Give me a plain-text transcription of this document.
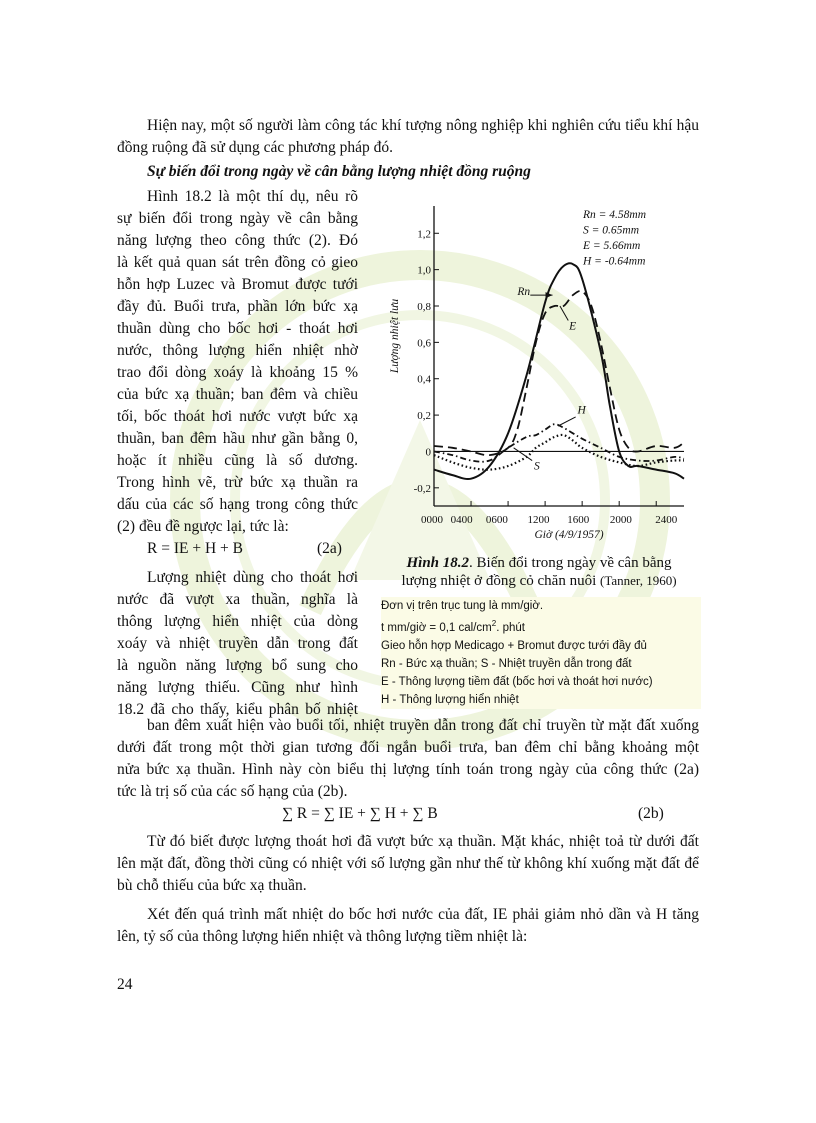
Hiện nay, một số người làm công tác khí tượng nông nghiệp khi nghiên cứu tiểu khí hậu đồng ruộng đã sử dụng các phương pháp đó.

Sự biến đổi trong ngày về cân bằng lượng nhiệt đồng ruộng

Hình 18.2 là một thí dụ, nêu rõ
sự biến đổi trong ngày về cân bằng
năng lượng theo công thức (2). Đó
là kết quả quan sát trên đồng cỏ gieo
hỗn hợp Luzec và Bromut được tưới
đầy đủ. Buổi trưa, phần lớn bức xạ
thuần dùng cho bốc hơi - thoát hơi
nước, thông lượng hiển nhiệt nhờ
trao đổi dòng xoáy là khoảng 15 %
của bức xạ thuần; ban đêm và chiều
tối, bốc thoát hơi nước vượt bức xạ
thuần, ban đêm hầu như gần bằng 0,
hoặc ít nhiều cũng là số dương.
Trong hình vẽ, trừ bức xạ thuần ra
dấu của các số hạng trong công thức
(2) đều đề ngược lại, tức là:
R = IE + H + B	(2a)
Lượng nhiệt dùng cho thoát hơi
nước đã vượt xa thuần, nghĩa là
thông lượng hiển nhiệt của dòng
xoáy và nhiệt truyền dẫn trong đất
là nguồn năng lượng bổ sung cho
năng lượng thiếu. Cũng như hình
18.2 đã cho thấy, kiểu phân bố nhiệt
-0,2
0
0,2
0,4
0,6
0,8
1,0
1,2
0000 0400 0600 1200 1600 2000 2400
Giờ (4/9/1957)
Lượng nhiệt lưu
Rn = 4.58mm
S = 0.65mm
E = 5.66mm
H = -0.64mm
Rn
E
H
S
Hình 18.2. Biến đổi trong ngày về cân bằng
lượng nhiệt ở đồng cỏ chăn nuôi (Tanner, 1960)
Đơn vị trên trục tung là mm/giờ.
t mm/giờ = 0,1 cal/$cm^2$. phút
Gieo hỗn hợp Medicago + Bromut được tưới đầy đủ
Rn - Bức xạ thuần; S - Nhiệt truyền dẫn trong đất
E - Thông lượng tiềm đất (bốc hơi và thoát hơi nước)
H - Thông lượng hiển nhiệt
ban đêm xuất hiện vào buổi tối, nhiệt truyền dẫn trong đất chỉ truyền từ mặt đất xuống
dưới đất trong một thời gian tương đối ngắn buổi trưa, ban đêm chỉ bằng khoảng một
nửa bức xạ thuần. Hình này còn biểu thị lượng tính toán trong ngày của công thức (2a)
tức là trị số của các số hạng của (2b).
∑ R = ∑ IE + ∑ H + ∑ B	(2b)

Từ đó biết được lượng thoát hơi đã vượt bức xạ thuần. Mặt khác, nhiệt toả từ dưới đất lên mặt đất, đồng thời cũng có nhiệt với số lượng gần như thế từ không khí xuống mặt đất để bù chỗ thiếu của bức xạ thuần.

Xét đến quá trình mất nhiệt do bốc hơi nước của đất, IE phải giảm nhỏ dần và H tăng lên, tỷ số của thông lượng hiển nhiệt và thông lượng tiềm nhiệt là:

24
